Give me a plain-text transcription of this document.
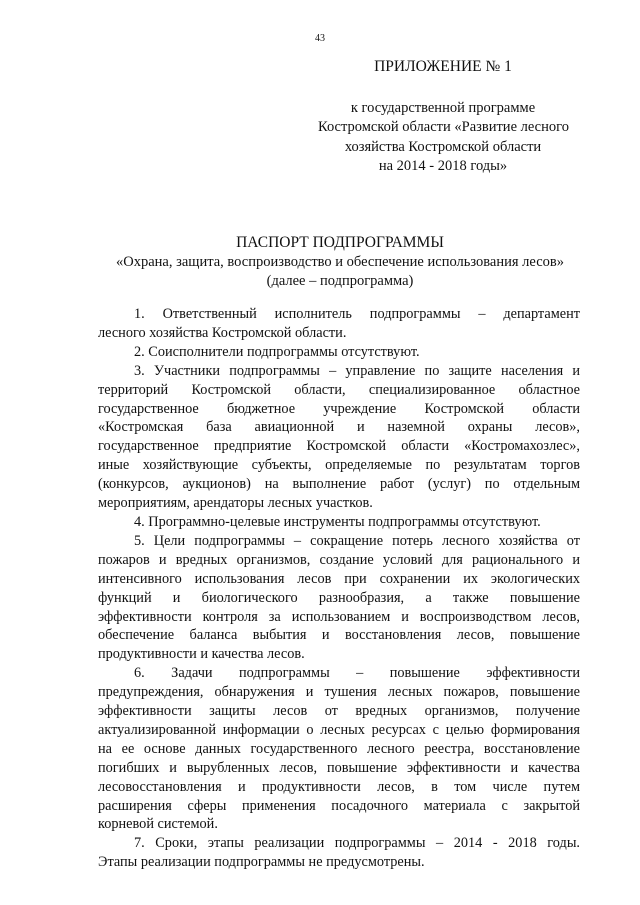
43
ПРИЛОЖЕНИЕ № 1
к государственной программе
Костромской области «Развитие лесного
хозяйства Костромской области
на 2014 - 2018 годы»
ПАСПОРТ ПОДПРОГРАММЫ
«Охрана, защита, воспроизводство и обеспечение использования лесов»
(далее – подпрограмма)

1. Ответственный исполнитель подпрограммы – департамент
лесного хозяйства Костромской области.

2. Соисполнители подпрограммы отсутствуют.

3. Участники подпрограммы – управление по защите населения и
территорий Костромской области, специализированное областное
государственное бюджетное учреждение Костромской области
«Костромская база авиационной и наземной охраны лесов»,
государственное предприятие Костромской области «Костромахозлес»,
иные хозяйствующие субъекты, определяемые по результатам торгов
(конкурсов, аукционов) на выполнение работ (услуг) по отдельным
мероприятиям, арендаторы лесных участков.

4. Программно-целевые инструменты подпрограммы отсутствуют.

5. Цели подпрограммы – сокращение потерь лесного хозяйства от
пожаров и вредных организмов, создание условий для рационального и
интенсивного использования лесов при сохранении их экологических
функций и биологического разнообразия, а также повышение
эффективности контроля за использованием и воспроизводством лесов,
обеспечение баланса выбытия и восстановления лесов, повышение
продуктивности и качества лесов.

6. Задачи подпрограммы – повышение эффективности
предупреждения, обнаружения и тушения лесных пожаров, повышение
эффективности защиты лесов от вредных организмов, получение
актуализированной информации о лесных ресурсах с целью формирования
на ее основе данных государственного лесного реестра, восстановление
погибших и вырубленных лесов, повышение эффективности и качества
лесовосстановления и продуктивности лесов, в том числе путем
расширения сферы применения посадочного материала с закрытой
корневой системой.

7. Сроки, этапы реализации подпрограммы – 2014 - 2018 годы.
Этапы реализации подпрограммы не предусмотрены.
